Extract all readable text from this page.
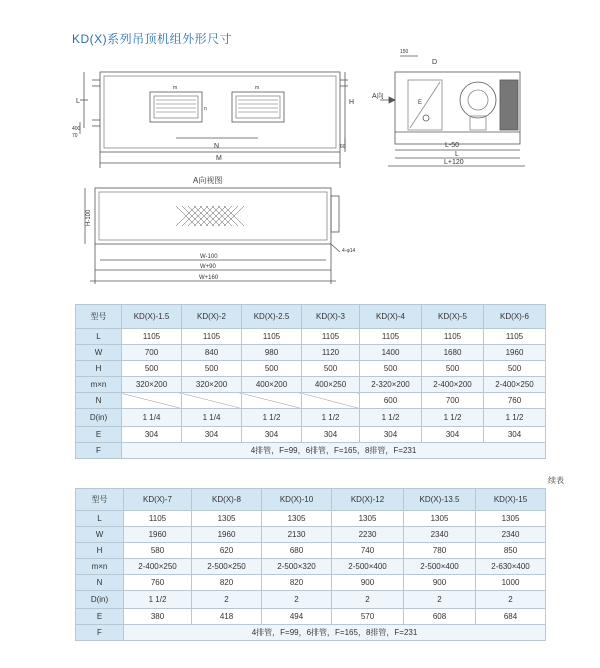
KD(X)系列吊顶机组外形尺寸
L	H
400
70
m	m
n
N
M
60
150
D
E
A向
L-50
L
L+120
A向视图
H-100
4-φ14
W-100
W+90
W+160
型号	KD(X)-1.5	KD(X)-2	KD(X)-2.5	KD(X)-3	KD(X)-4	KD(X)-5	KD(X)-6
L	1105	1105	1105	1105	1105	1105	1105
W	700	840	980	1120	1400	1680	1960
H	500	500	500	500	500	500	500
m×n	320×200	320×200	400×200	400×250	2-320×200	2-400×200	2-400×250
N					600	700	760
D(in)	1 1/4	1 1/4	1 1/2	1 1/2	1 1/2	1 1/2	1 1/2
E	304	304	304	304	304	304	304
F	4排管，F=99，6排管，F=165，8排管，F=231						
续表
型号	KD(X)-7	KD(X)-8	KD(X)-10	KD(X)-12	KD(X)-13.5	KD(X)-15
L	1105	1305	1305	1305	1305	1305
W	1960	1960	2130	2230	2340	2340
H	580	620	680	740	780	850
m×n	2-400×250	2-500×250	2-500×320	2-500×400	2-500×400	2-630×400
N	760	820	820	900	900	1000
D(in)	1 1/2	2	2	2	2	2
E	380	418	494	570	608	684
F	4排管，F=99，6排管，F=165，8排管，F=231					
